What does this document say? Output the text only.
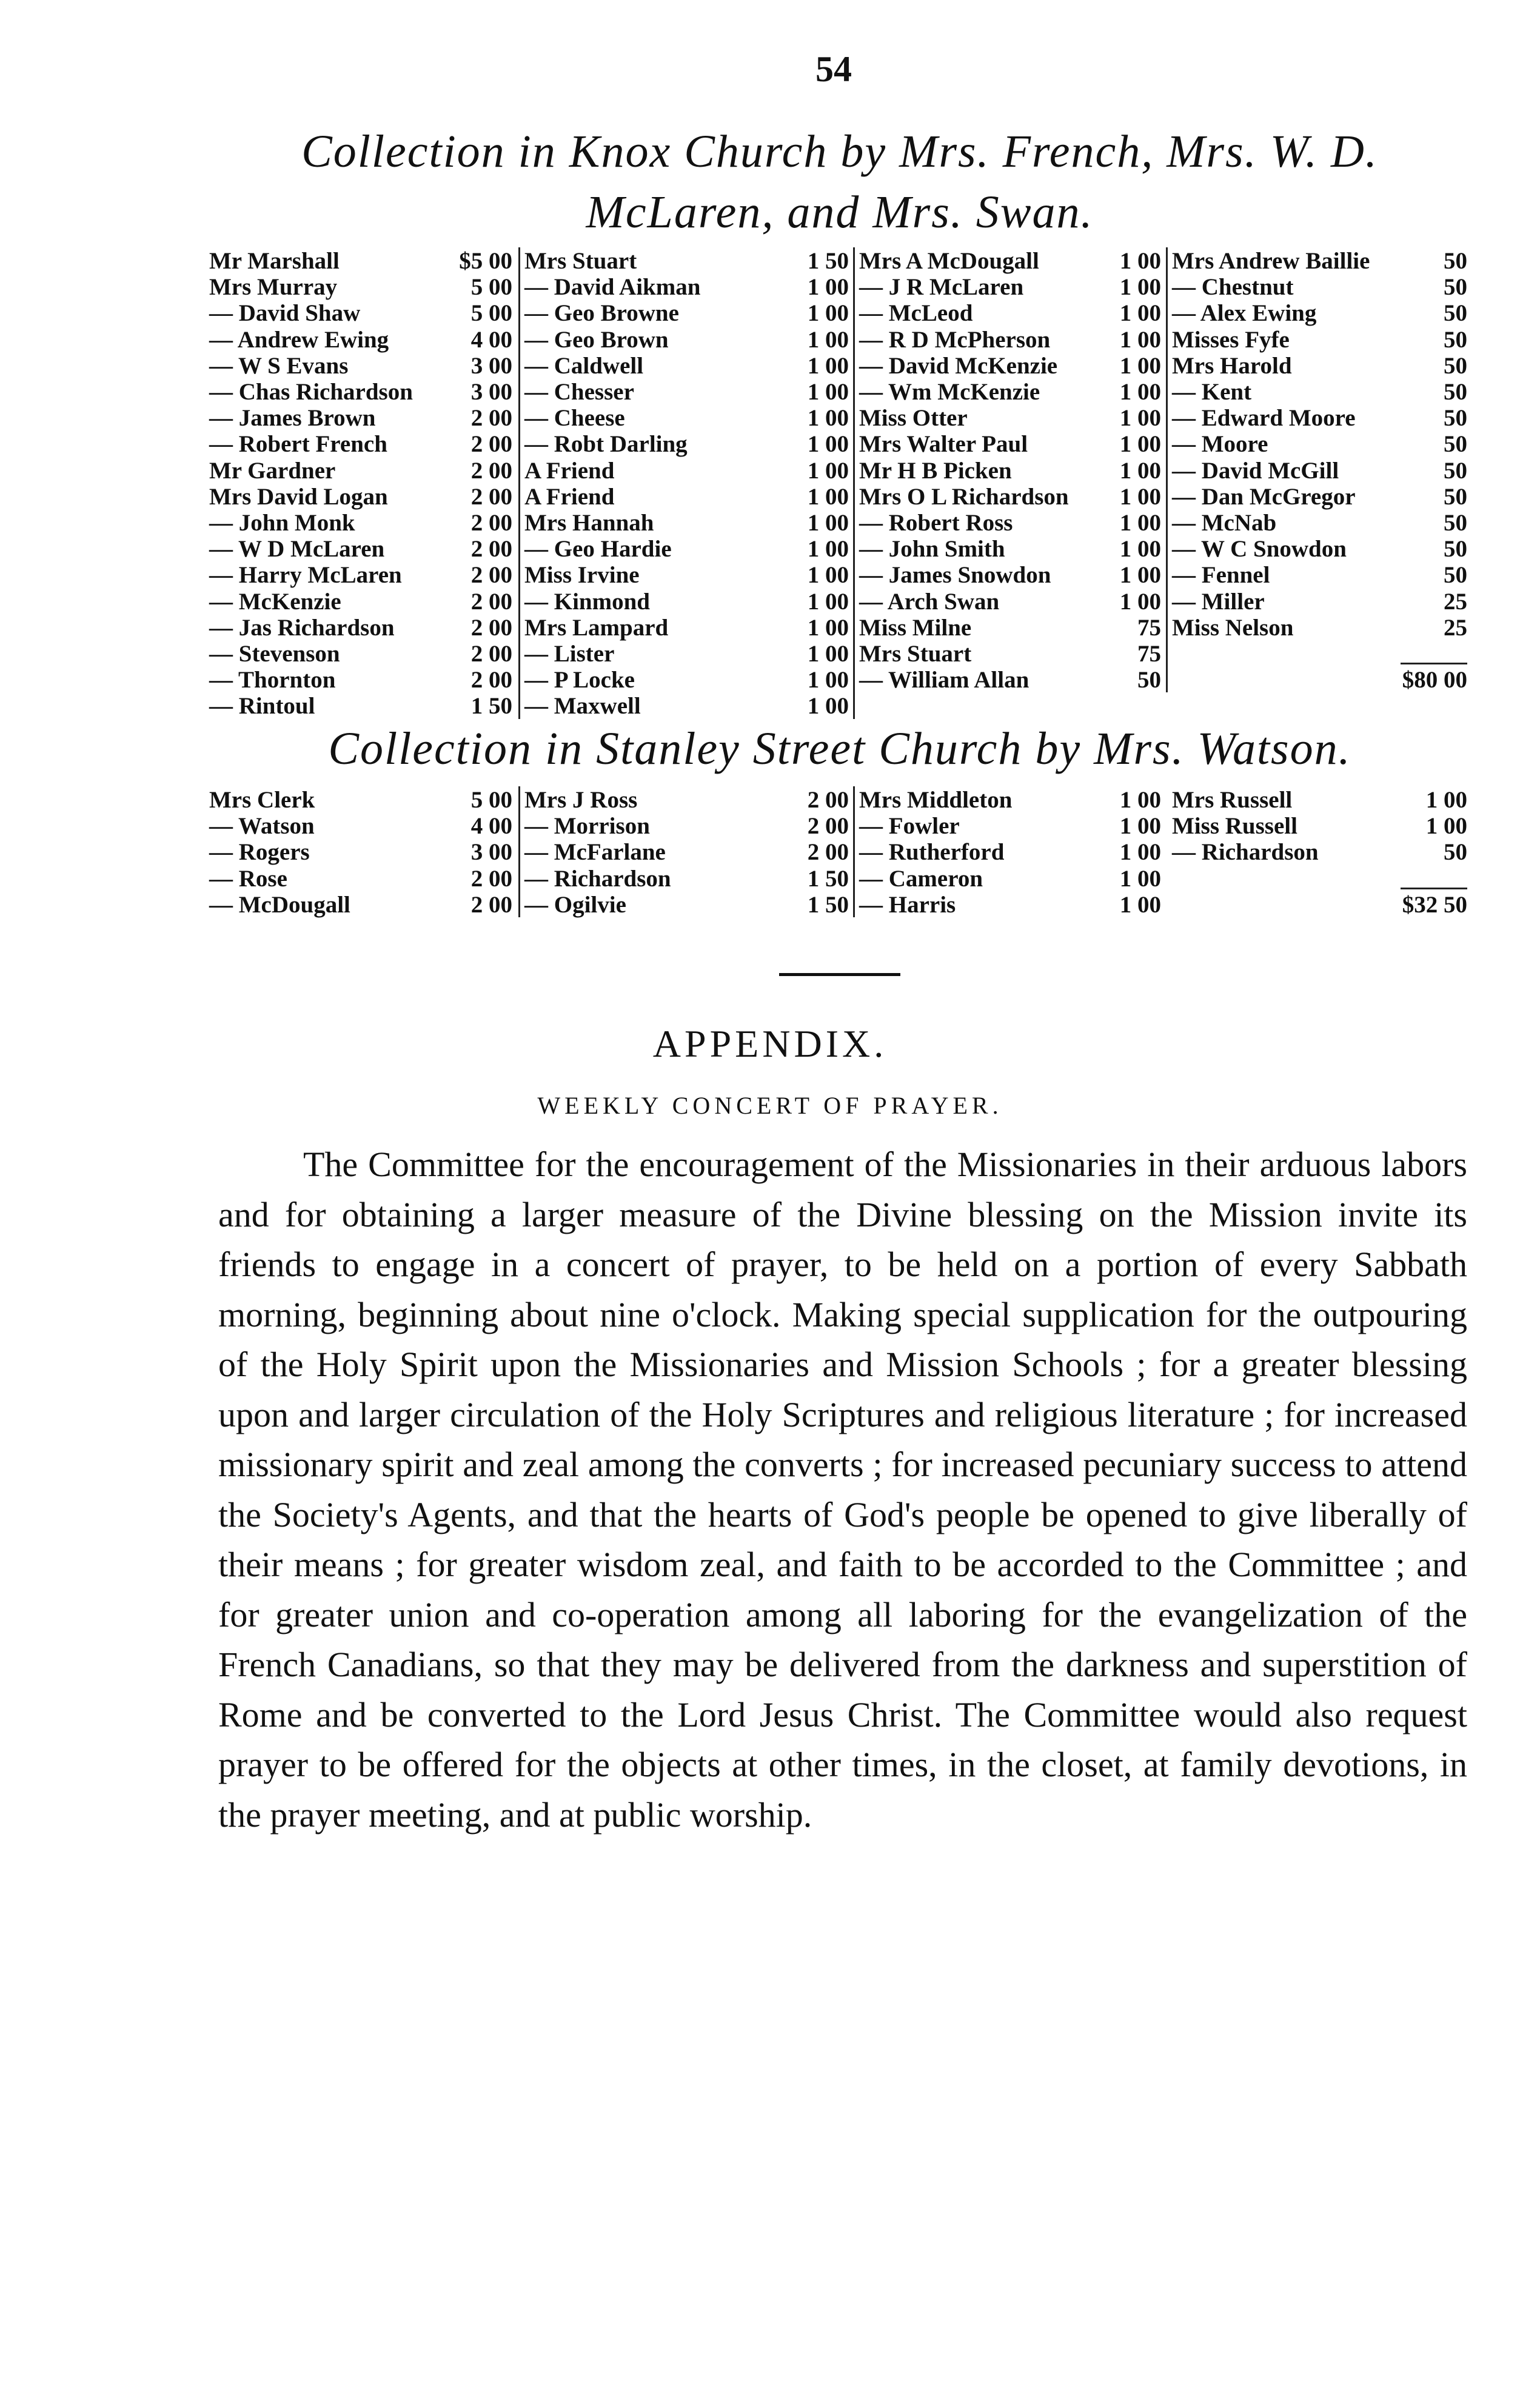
54
Collection in Knox Church by Mrs. French, Mrs. W. D.
McLaren, and Mrs. Swan.
Mr Marshall	$5 00
Mrs Murray	5 00
— David Shaw	5 00
— Andrew Ewing	4 00
— W S Evans	3 00
— Chas Richardson	3 00
— James Brown	2 00
— Robert French	2 00
Mr Gardner	2 00
Mrs David Logan	2 00
— John Monk	2 00
— W D McLaren	2 00
— Harry McLaren	2 00
— McKenzie	2 00
— Jas Richardson	2 00
— Stevenson	2 00
— Thornton	2 00
— Rintoul	1 50
Mrs Stuart	1 50
— David Aikman	1 00
— Geo Browne	1 00
— Geo Brown	1 00
— Caldwell	1 00
— Chesser	1 00
— Cheese	1 00
— Robt Darling	1 00
A Friend	1 00
A Friend	1 00
Mrs Hannah	1 00
— Geo Hardie	1 00
Miss Irvine	1 00
— Kinmond	1 00
Mrs Lampard	1 00
— Lister	1 00
— P Locke	1 00
— Maxwell	1 00
Mrs A McDougall	1 00
— J R McLaren	1 00
— McLeod	1 00
— R D McPherson	1 00
— David McKenzie	1 00
— Wm McKenzie	1 00
Miss Otter	1 00
Mrs Walter Paul	1 00
Mr H B Picken	1 00
Mrs O L Richardson	1 00
— Robert Ross	1 00
— John Smith	1 00
— James Snowdon	1 00
— Arch Swan	1 00
Miss Milne	75
Mrs Stuart	75
— William Allan	50
Mrs Andrew Baillie	50
— Chestnut	50
— Alex Ewing	50
Misses Fyfe	50
Mrs Harold	50
— Kent	50
— Edward Moore	50
— Moore	50
— David McGill	50
— Dan McGregor	50
— McNab	50
— W C Snowdon	50
— Fennel	50
— Miller	25
Miss Nelson	25
$80 00
Collection in Stanley Street Church by Mrs. Watson.
Mrs Clerk	5 00
— Watson	4 00
— Rogers	3 00
— Rose	2 00
— McDougall	2 00
Mrs J Ross	2 00
— Morrison	2 00
— McFarlane	2 00
— Richardson	1 50
— Ogilvie	1 50
Mrs Middleton	1 00
— Fowler	1 00
— Rutherford	1 00
— Cameron	1 00
— Harris	1 00
Mrs Russell	1 00
Miss Russell	1 00
— Richardson	50
$32 50
APPENDIX.
WEEKLY CONCERT OF PRAYER.
The Committee for the encouragement of the Missionaries in their arduous labors and for obtaining a larger measure of the Divine blessing on the Mission invite its friends to engage in a concert of prayer, to be held on a portion of every Sabbath morning, beginning about nine o'clock. Making special supplication for the outpouring of the Holy Spirit upon the Missionaries and Mission Schools ; for a greater blessing upon and larger circulation of the Holy Scriptures and religious literature ; for increased missionary spirit and zeal among the converts ; for increased pecuniary success to attend the Society's Agents, and that the hearts of God's people be opened to give liberally of their means ; for greater wisdom zeal, and faith to be accorded to the Committee ; and for greater union and co-operation among all laboring for the evangelization of the French Canadians, so that they may be delivered from the darkness and superstition of Rome and be converted to the Lord Jesus Christ. The Committee would also request prayer to be offered for the objects at other times, in the closet, at family devotions, in the prayer meeting, and at public worship.
